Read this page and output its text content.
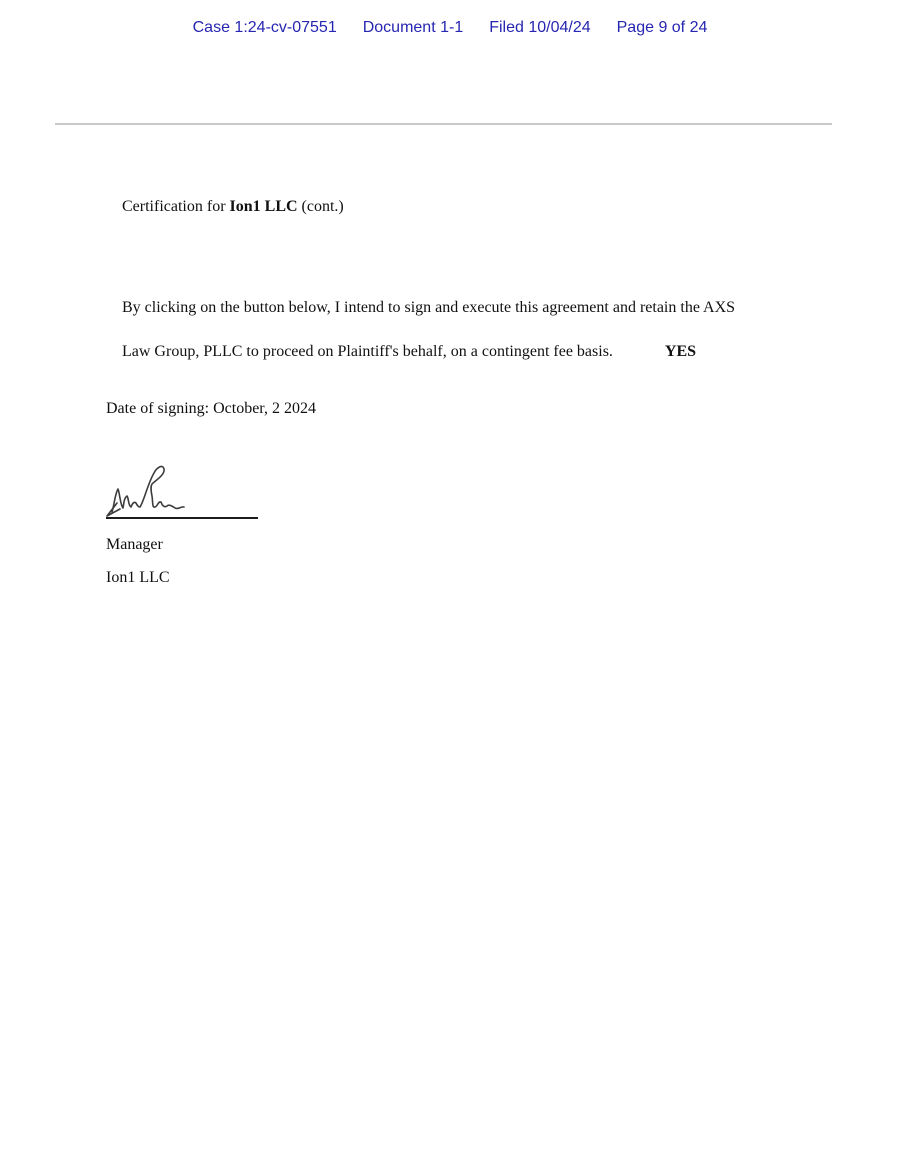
Case 1:24-cv-07551 Document 1-1 Filed 10/04/24 Page 9 of 24

Certification for Ion1 LLC (cont.)

By clicking on the button below, I intend to sign and execute this agreement and retain the AXS

Law Group, PLLC to proceed on Plaintiff's behalf, on a contingent fee basis.	YES

Date of signing: October, 2 2024
Manager
Ion1 LLC
